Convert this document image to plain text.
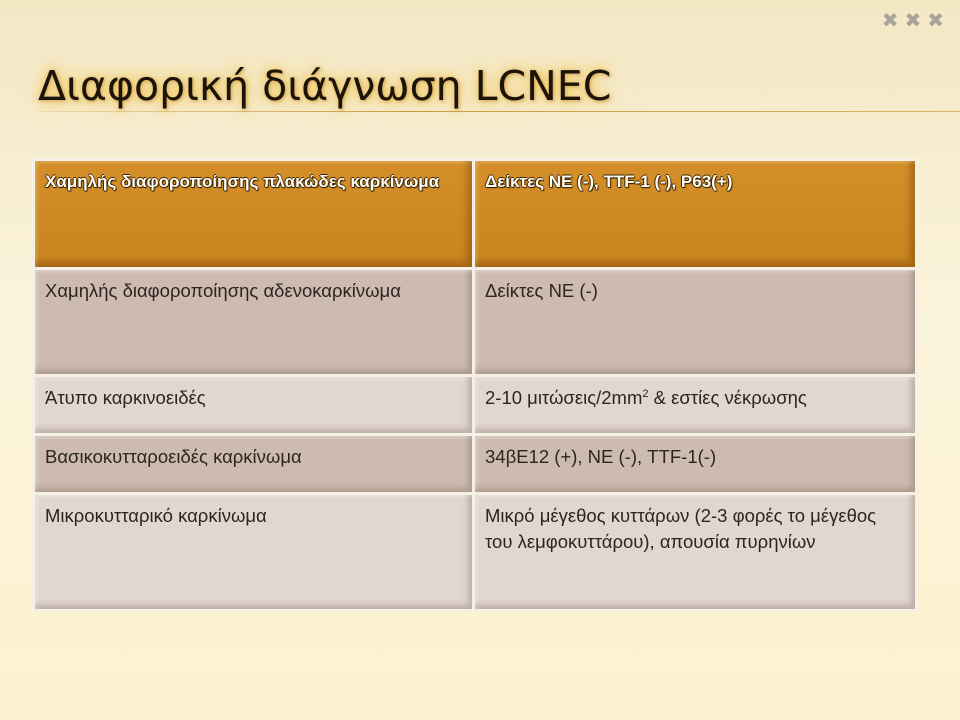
✖✖✖
Διαφορική διάγνωση LCNEC
Χαμηλής διαφοροποίησης πλακώδες καρκίνωμα	Δείκτες ΝΕ (-), TTF-1 (-), P63(+)
Χαμηλής διαφοροποίησης αδενοκαρκίνωμα	Δείκτες ΝΕ (-)
Άτυπο καρκινοειδές	2-10 μιτώσεις/$2mm^2$ & εστίες νέκρωσης
Βασικοκυτταροειδές καρκίνωμα	34βΕ12 (+), ΝΕ (-), TTF-1(-)
Μικροκυτταρικό καρκίνωμα	Μικρό μέγεθος κυττάρων (2-3 φορές το μέγεθος του λεμφοκυττάρου), απουσία πυρηνίων
